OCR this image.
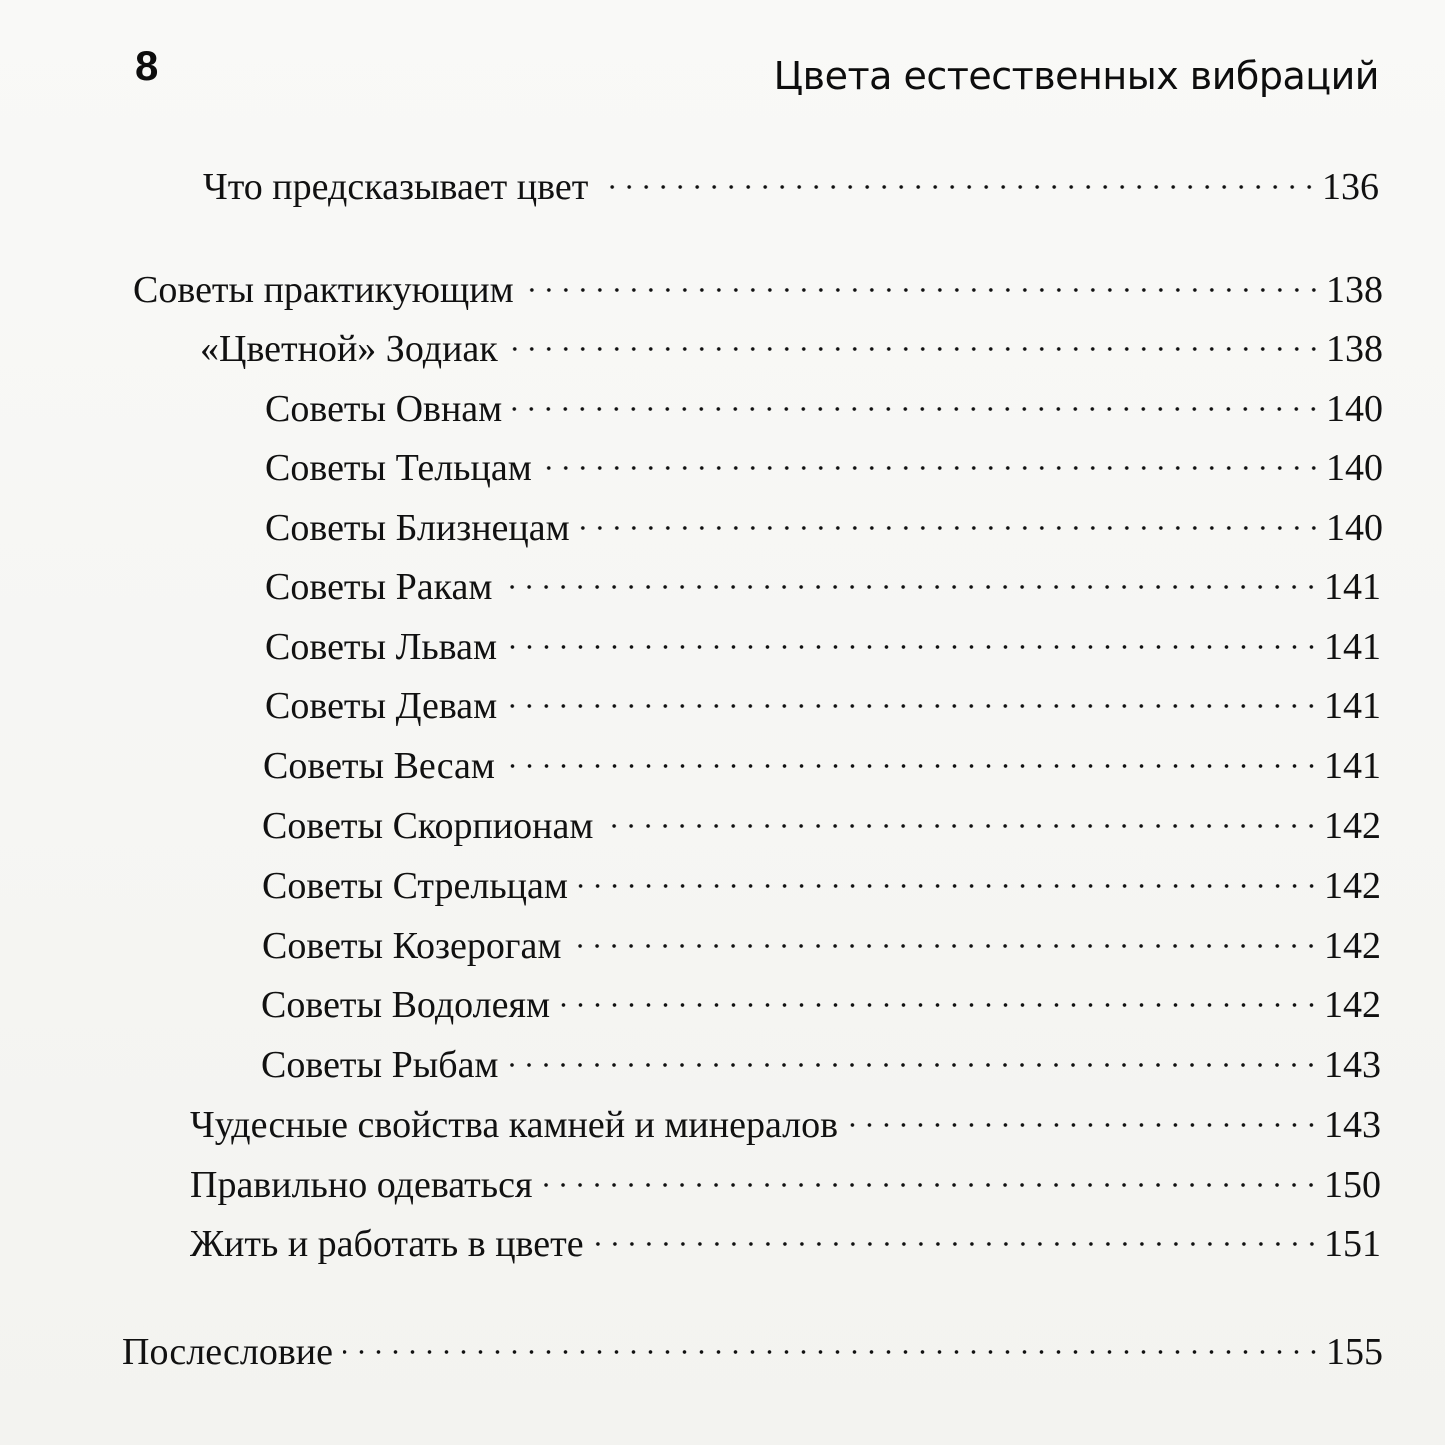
8	Цвета естественных вибраций
Что предсказывает цвет	136
Советы практикующим	138
«Цветной» Зодиак	138
Советы Овнам	140
Советы Тельцам	140
Советы Близнецам	140
Советы Ракам	141
Советы Львам	141
Советы Девам	141
Советы Весам	141
Советы Скорпионам	142
Советы Стрельцам	142
Советы Козерогам	142
Советы Водолеям	142
Советы Рыбам	143
Чудесные свойства камней и минералов	143
Правильно одеваться	150
Жить и работать в цвете	151
Послесловие	155
